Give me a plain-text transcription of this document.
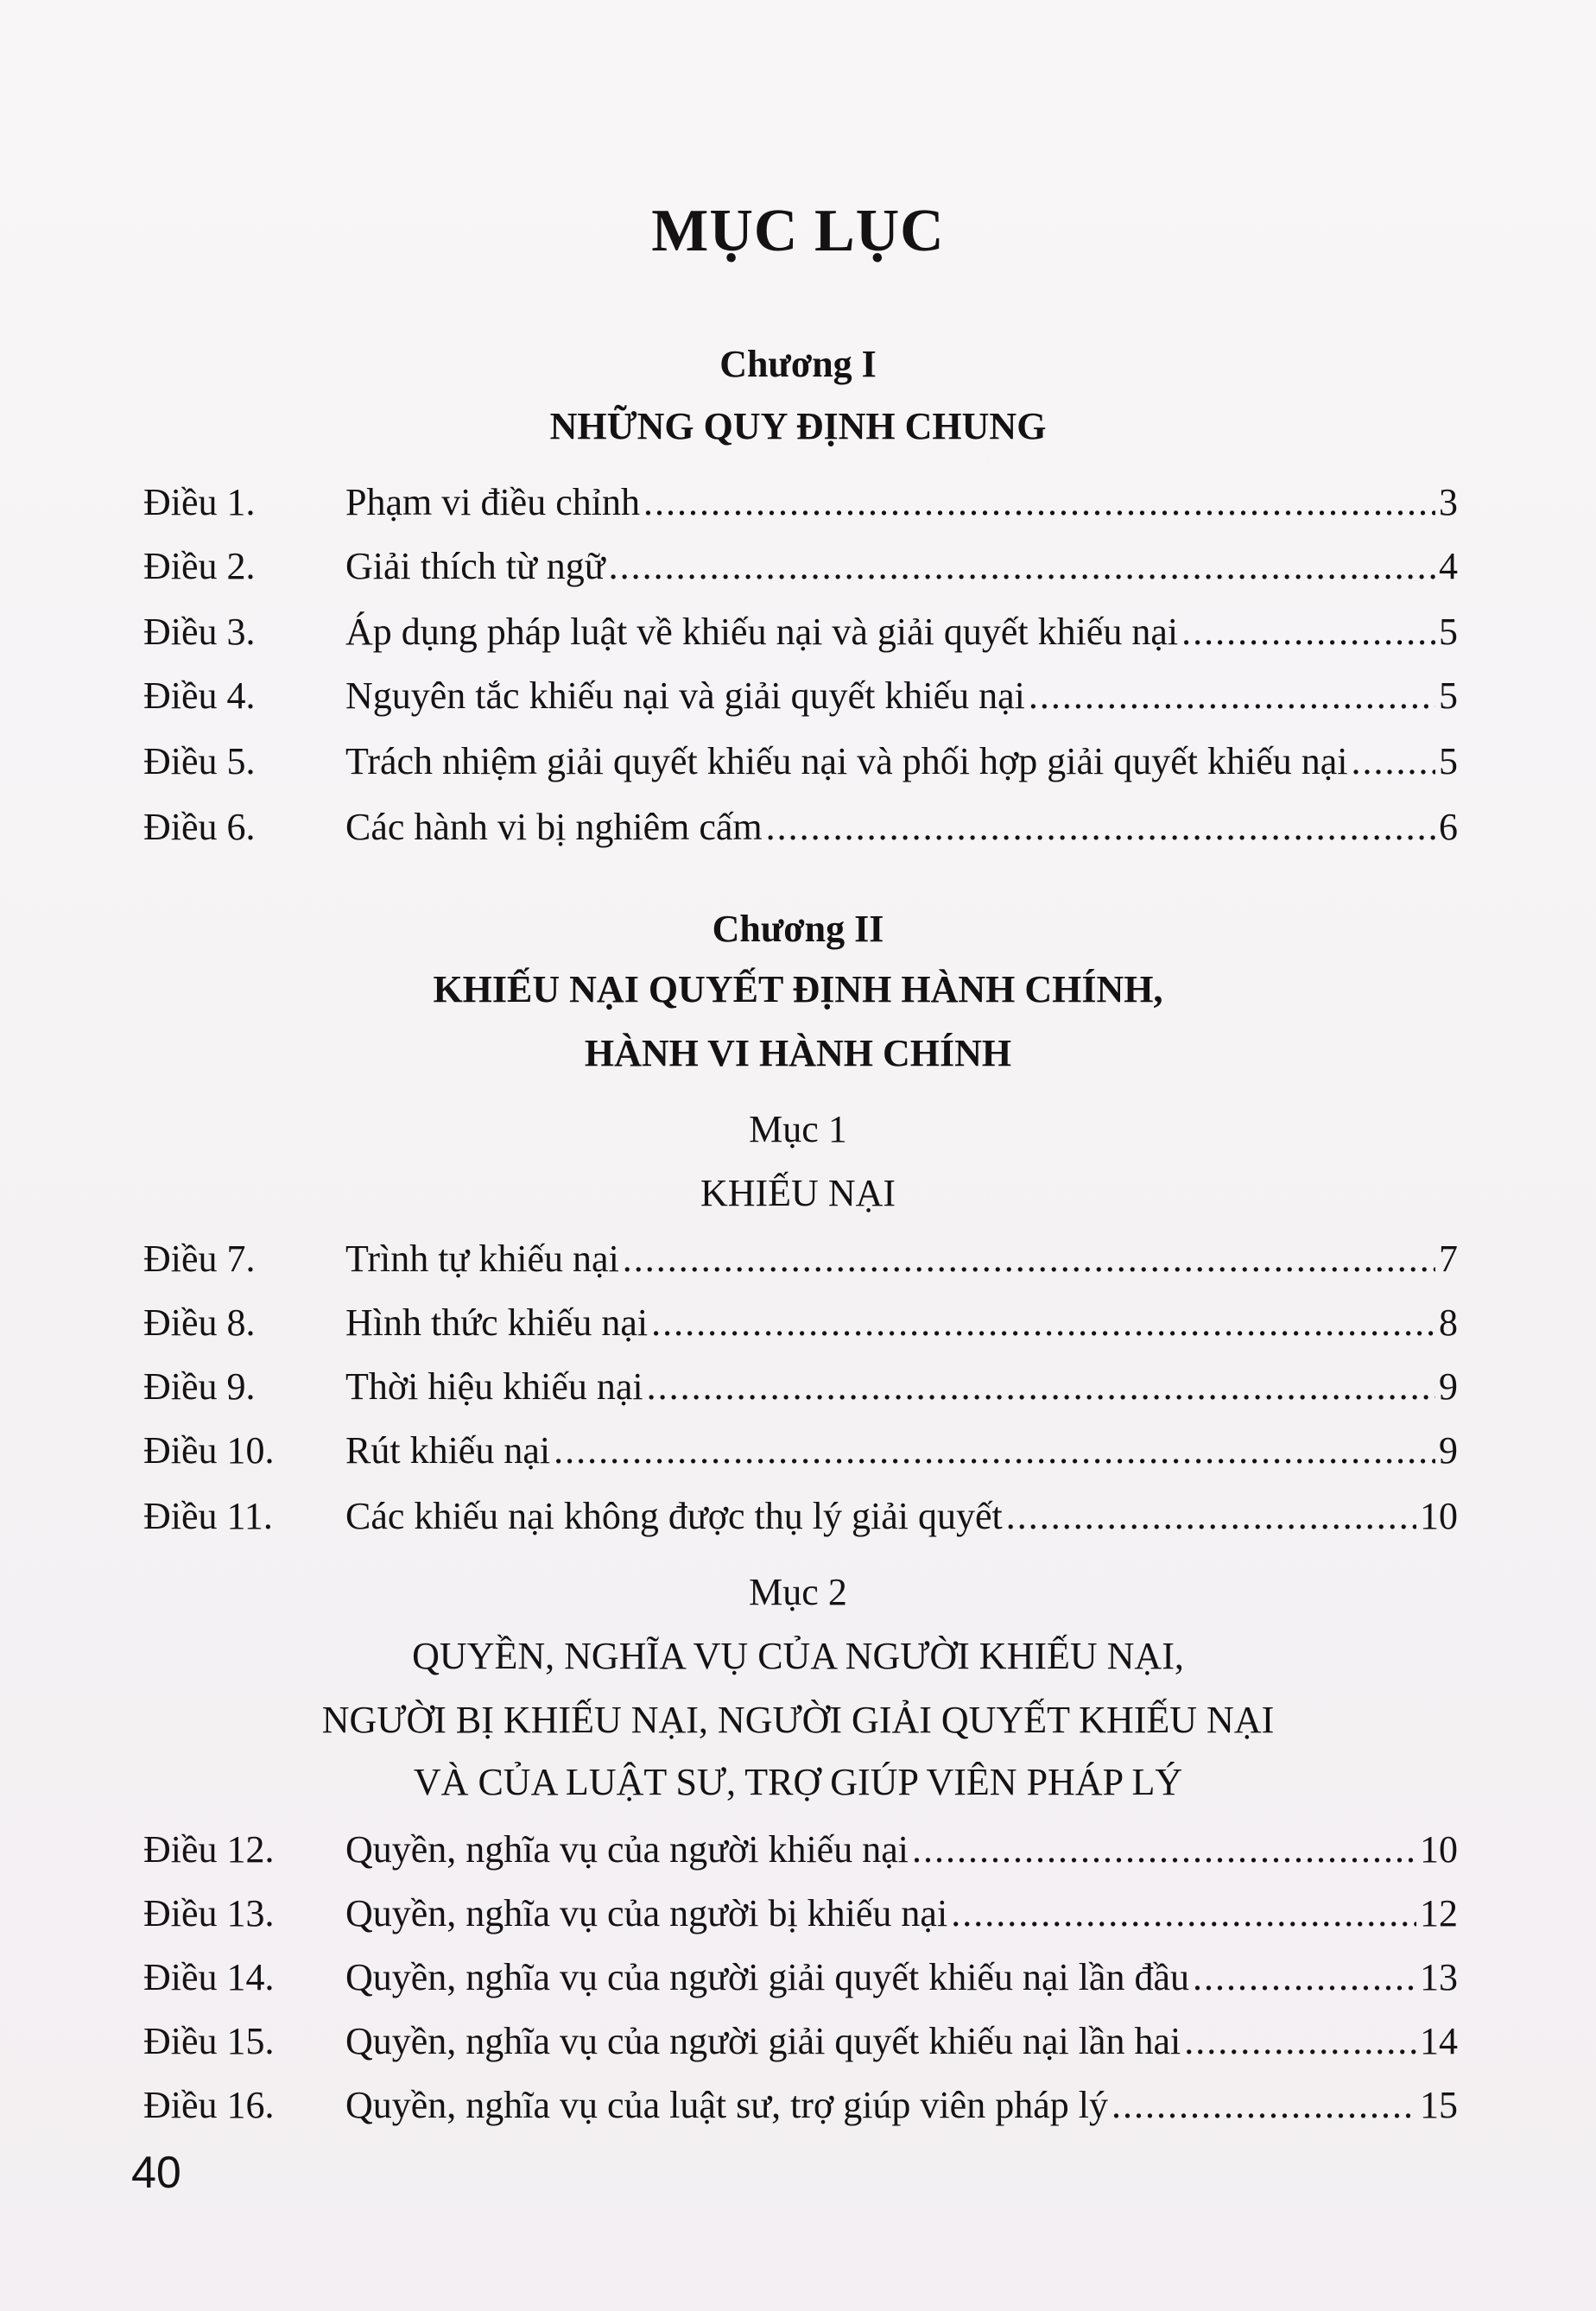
MỤC LỤC
Chương I
NHỮNG QUY ĐỊNH CHUNG
Điều 1.	Phạm vi điều chỉnh .....	3
Điều 2.	Giải thích từ ngữ .....	4
Điều 3.	Áp dụng pháp luật về khiếu nại và giải quyết khiếu nại .....	5
Điều 4.	Nguyên tắc khiếu nại và giải quyết khiếu nại .....	5
Điều 5.	Trách nhiệm giải quyết khiếu nại và phối hợp giải quyết khiếu nại ..... 5
Điều 6.	Các hành vi bị nghiêm cấm .....	6
Chương II
KHIẾU NẠI QUYẾT ĐỊNH HÀNH CHÍNH,
HÀNH VI HÀNH CHÍNH
Mục 1
KHIẾU NẠI
Điều 7.	Trình tự khiếu nại .....	7
Điều 8.	Hình thức khiếu nại .....	8
Điều 9.	Thời hiệu khiếu nại .....	9
Điều 10.	Rút khiếu nại .....	9
Điều 11.	Các khiếu nại không được thụ lý giải quyết .....	10
Mục 2
QUYỀN, NGHĨA VỤ CỦA NGƯỜI KHIẾU NẠI,
NGƯỜI BỊ KHIẾU NẠI, NGƯỜI GIẢI QUYẾT KHIẾU NẠI
VÀ CỦA LUẬT SƯ, TRỢ GIÚP VIÊN PHÁP LÝ
Điều 12.	Quyền, nghĩa vụ của người khiếu nại .....	10
Điều 13.	Quyền, nghĩa vụ của người bị khiếu nại .....	12
Điều 14.	Quyền, nghĩa vụ của người giải quyết khiếu nại lần đầu .....	13
Điều 15.	Quyền, nghĩa vụ của người giải quyết khiếu nại lần hai .....	14
Điều 16.	Quyền, nghĩa vụ của luật sư, trợ giúp viên pháp lý .....	15
40
